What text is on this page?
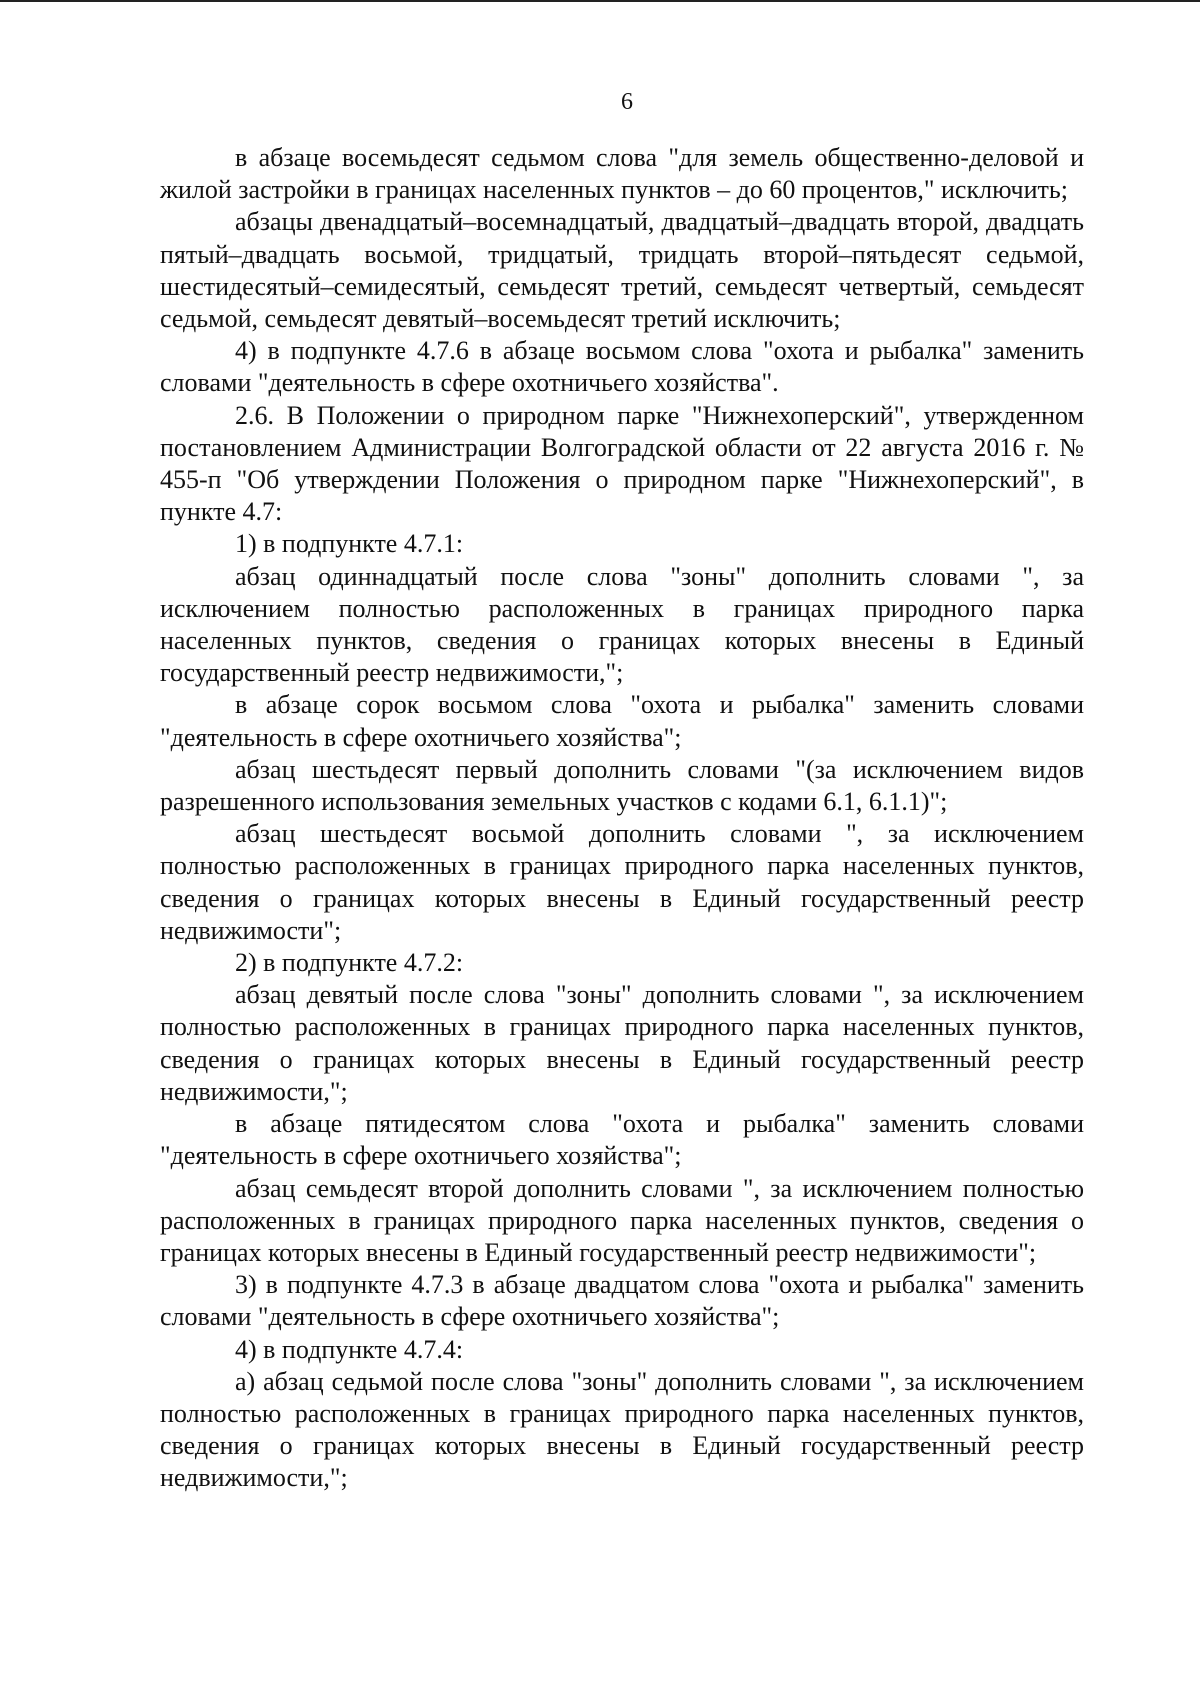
6

в абзаце восемьдесят седьмом слова "для земель общественно-деловой и жилой застройки в границах населенных пунктов – до 60 процентов," исключить;

абзацы двенадцатый–восемнадцатый, двадцатый–двадцать второй, двадцать пятый–двадцать восьмой, тридцатый, тридцать второй–пятьдесят седьмой, шестидесятый–семидесятый, семьдесят третий, семьдесят четвертый, семьдесят седьмой, семьдесят девятый–восемьдесят третий исключить;

4) в подпункте 4.7.6 в абзаце восьмом слова "охота и рыбалка" заменить словами "деятельность в сфере охотничьего хозяйства".

2.6. В Положении о природном парке "Нижнехоперский", утвержденном постановлением Администрации Волгоградской области от 22 августа 2016 г. № 455-п "Об утверждении Положения о природном парке "Нижнехоперский", в пункте 4.7:

1) в подпункте 4.7.1:

абзац одиннадцатый после слова "зоны" дополнить словами ", за исключением полностью расположенных в границах природного парка населенных пунктов, сведения о границах которых внесены в Единый государственный реестр недвижимости,";

в абзаце сорок восьмом слова "охота и рыбалка" заменить словами "деятельность в сфере охотничьего хозяйства";

абзац шестьдесят первый дополнить словами "(за исключением видов разрешенного использования земельных участков с кодами 6.1, 6.1.1)";

абзац шестьдесят восьмой дополнить словами ", за исключением полностью расположенных в границах природного парка населенных пунктов, сведения о границах которых внесены в Единый государственный реестр недвижимости";

2) в подпункте 4.7.2:

абзац девятый после слова "зоны" дополнить словами ", за исключением полностью расположенных в границах природного парка населенных пунктов, сведения о границах которых внесены в Единый государственный реестр недвижимости,";

в абзаце пятидесятом слова "охота и рыбалка" заменить словами "деятельность в сфере охотничьего хозяйства";

абзац семьдесят второй дополнить словами ", за исключением полностью расположенных в границах природного парка населенных пунктов, сведения о границах которых внесены в Единый государственный реестр недвижимости";

3) в подпункте 4.7.3 в абзаце двадцатом слова "охота и рыбалка" заменить словами "деятельность в сфере охотничьего хозяйства";

4) в подпункте 4.7.4:

а) абзац седьмой после слова "зоны" дополнить словами ", за исключением полностью расположенных в границах природного парка населенных пунктов, сведения о границах которых внесены в Единый государственный реестр недвижимости,";
